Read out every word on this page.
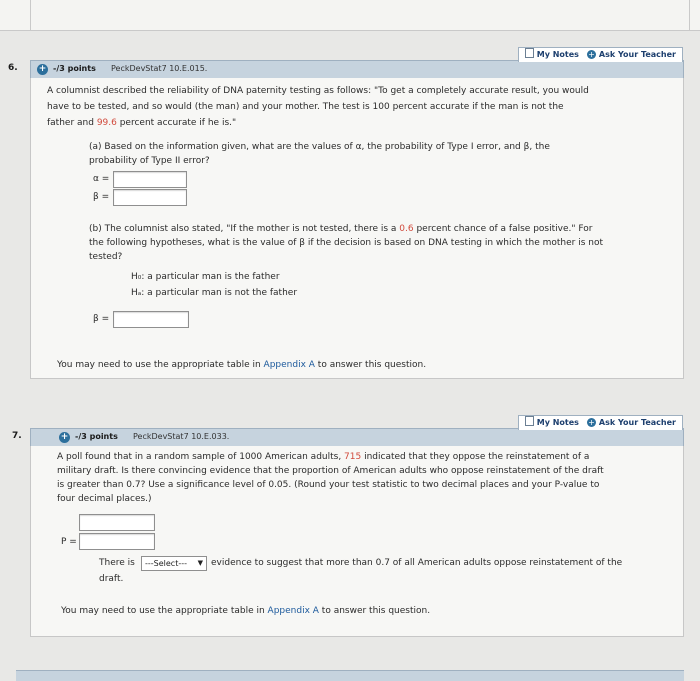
6. + -/3 points PeckDevStat7 10.E.015.
My Notes + Ask Your Teacher
A columnist described the reliability of DNA paternity testing as follows: "To get a completely accurate result, you would
have to be tested, and so would (the man) and your mother. The test is 100 percent accurate if the man is not the
father and 99.6 percent accurate if he is."
(a) Based on the information given, what are the values of α, the probability of Type I error, and β, the
probability of Type II error?
α =
β =
(b) The columnist also stated, "If the mother is not tested, there is a 0.6 percent chance of a false positive." For
the following hypotheses, what is the value of β if the decision is based on DNA testing in which the mother is not
tested?
H₀: a particular man is the father
Hₐ: a particular man is not the father
β =
You may need to use the appropriate table in Appendix A to answer this question.
7.	+ -/3 points PeckDevStat7 10.E.033.
My Notes + Ask Your Teacher
A poll found that in a random sample of 1000 American adults, 715 indicated that they oppose the reinstatement of a
military draft. Is there convincing evidence that the proportion of American adults who oppose reinstatement of the draft
is greater than 0.7? Use a significance level of 0.05. (Round your test statistic to two decimal places and your P-value to
four decimal places.)
P =
There is	---Select--- ▼ evidence to suggest that more than 0.7 of all American adults oppose reinstatement of the
draft.
You may need to use the appropriate table in Appendix A to answer this question.
